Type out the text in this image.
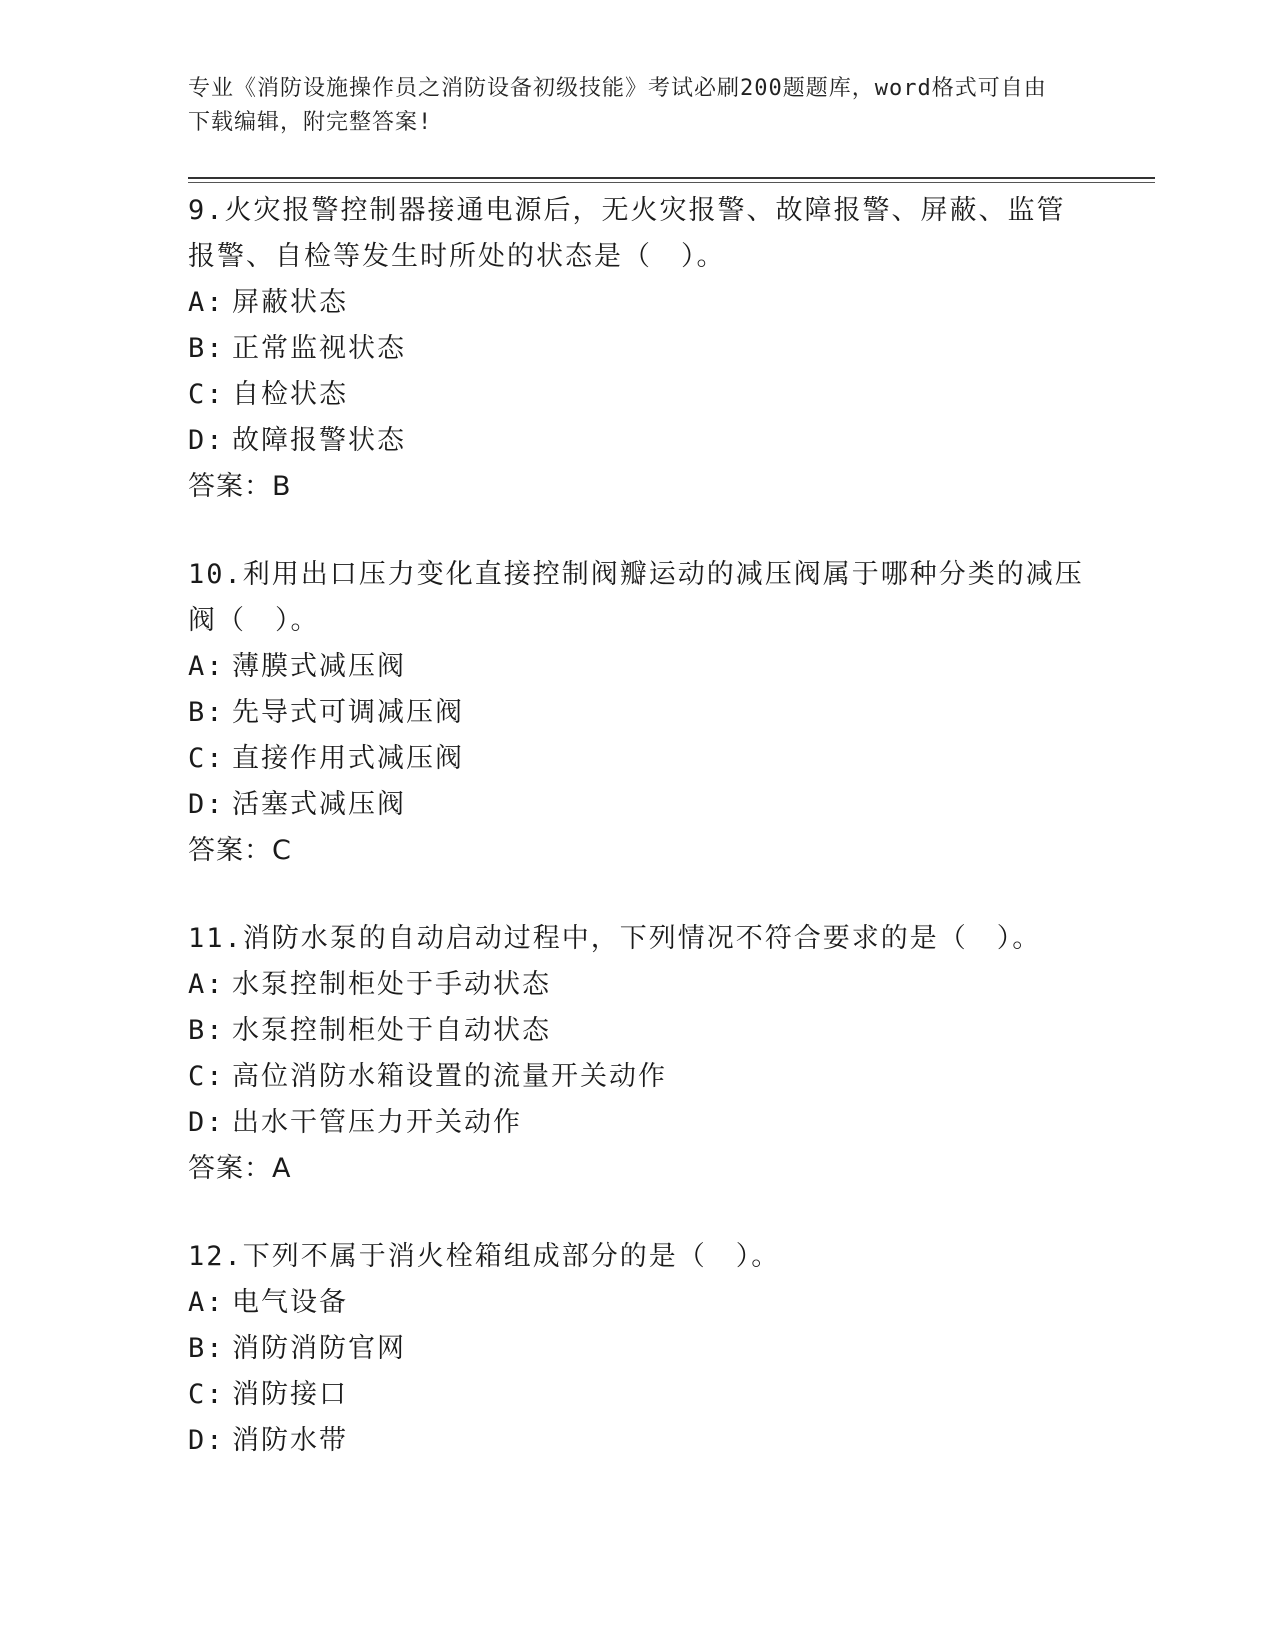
专业《消防设施操作员之消防设备初级技能》考试必刷200题题库，word格式可自由下载编辑，附完整答案!

9.火灾报警控制器接通电源后，无火灾报警、故障报警、屏蔽、监管报警、自检等发生时所处的状态是（　）。

A: 屏蔽状态

B: 正常监视状态

C: 自检状态

D: 故障报警状态

答案：B

10.利用出口压力变化直接控制阀瓣运动的减压阀属于哪种分类的减压阀（　）。

A: 薄膜式减压阀

B: 先导式可调减压阀

C: 直接作用式减压阀

D: 活塞式减压阀

答案：C

11.消防水泵的自动启动过程中，下列情况不符合要求的是（　）。

A: 水泵控制柜处于手动状态

B: 水泵控制柜处于自动状态

C: 高位消防水箱设置的流量开关动作

D: 出水干管压力开关动作

答案：A

12.下列不属于消火栓箱组成部分的是（　）。

A: 电气设备

B: 消防消防官网

C: 消防接口

D: 消防水带
